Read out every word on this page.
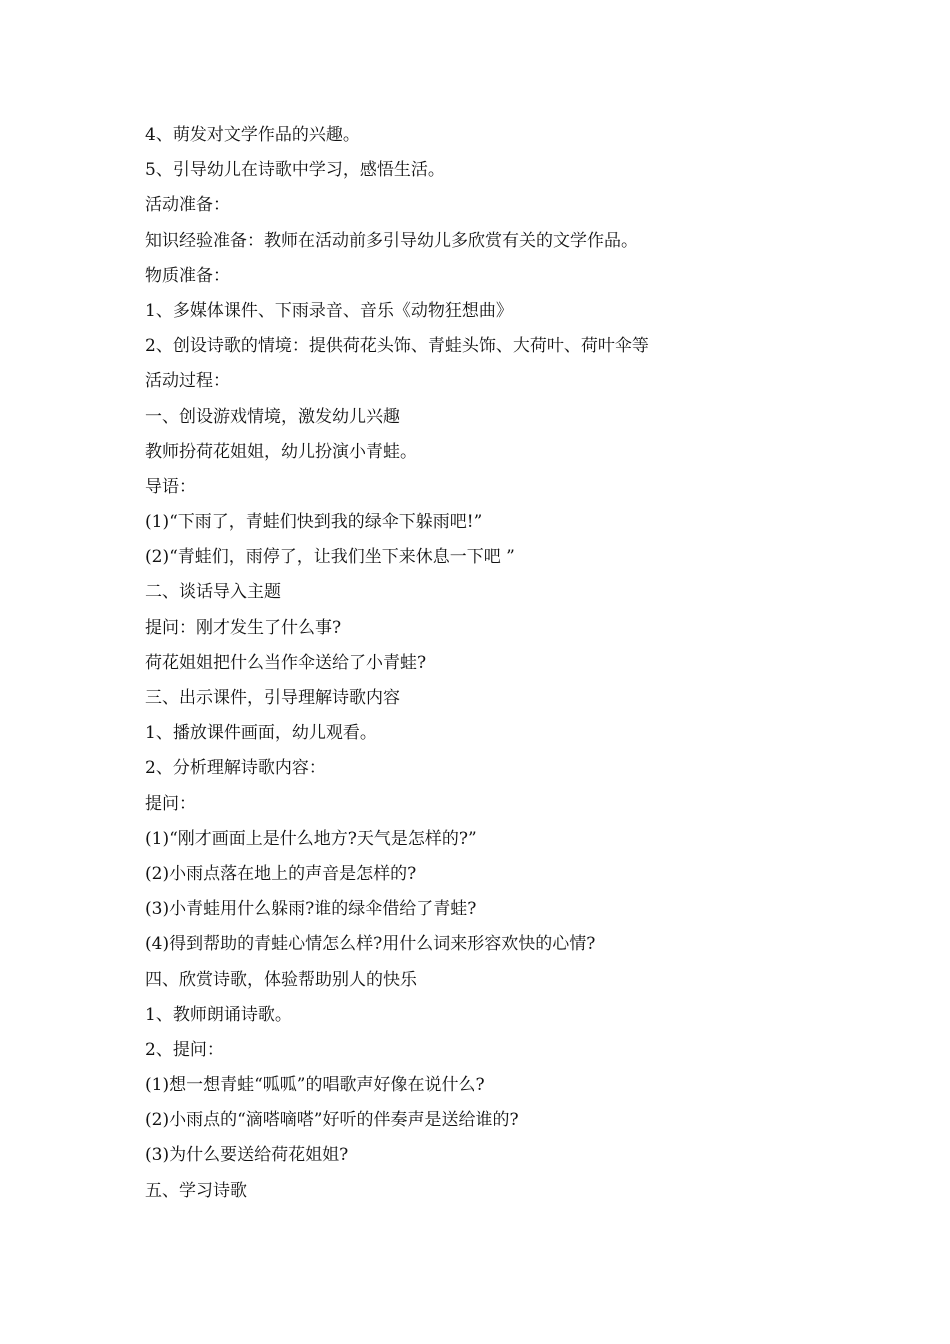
4、萌发对文学作品的兴趣。
5、引导幼儿在诗歌中学习，感悟生活。
活动准备：
知识经验准备：教师在活动前多引导幼儿多欣赏有关的文学作品。
物质准备：
1、多媒体课件、下雨录音、音乐《动物狂想曲》
2、创设诗歌的情境：提供荷花头饰、青蛙头饰、大荷叶、荷叶伞等
活动过程：
一、创设游戏情境，激发幼儿兴趣
教师扮荷花姐姐，幼儿扮演小青蛙。
导语：
(1)“下雨了，青蛙们快到我的绿伞下躲雨吧!”
(2)“青蛙们，雨停了，让我们坐下来休息一下吧 ”
二、谈话导入主题
提问：刚才发生了什么事?
荷花姐姐把什么当作伞送给了小青蛙?
三、出示课件，引导理解诗歌内容
1、播放课件画面，幼儿观看。
2、分析理解诗歌内容：
提问：
(1)“刚才画面上是什么地方?天气是怎样的?”
(2)小雨点落在地上的声音是怎样的?
(3)小青蛙用什么躲雨?谁的绿伞借给了青蛙?
(4)得到帮助的青蛙心情怎么样?用什么词来形容欢快的心情?
四、欣赏诗歌，体验帮助别人的快乐
1、教师朗诵诗歌。
2、提问：
(1)想一想青蛙“呱呱”的唱歌声好像在说什么?
(2)小雨点的“滴嗒嘀嗒”好听的伴奏声是送给谁的?
(3)为什么要送给荷花姐姐?
五、学习诗歌
